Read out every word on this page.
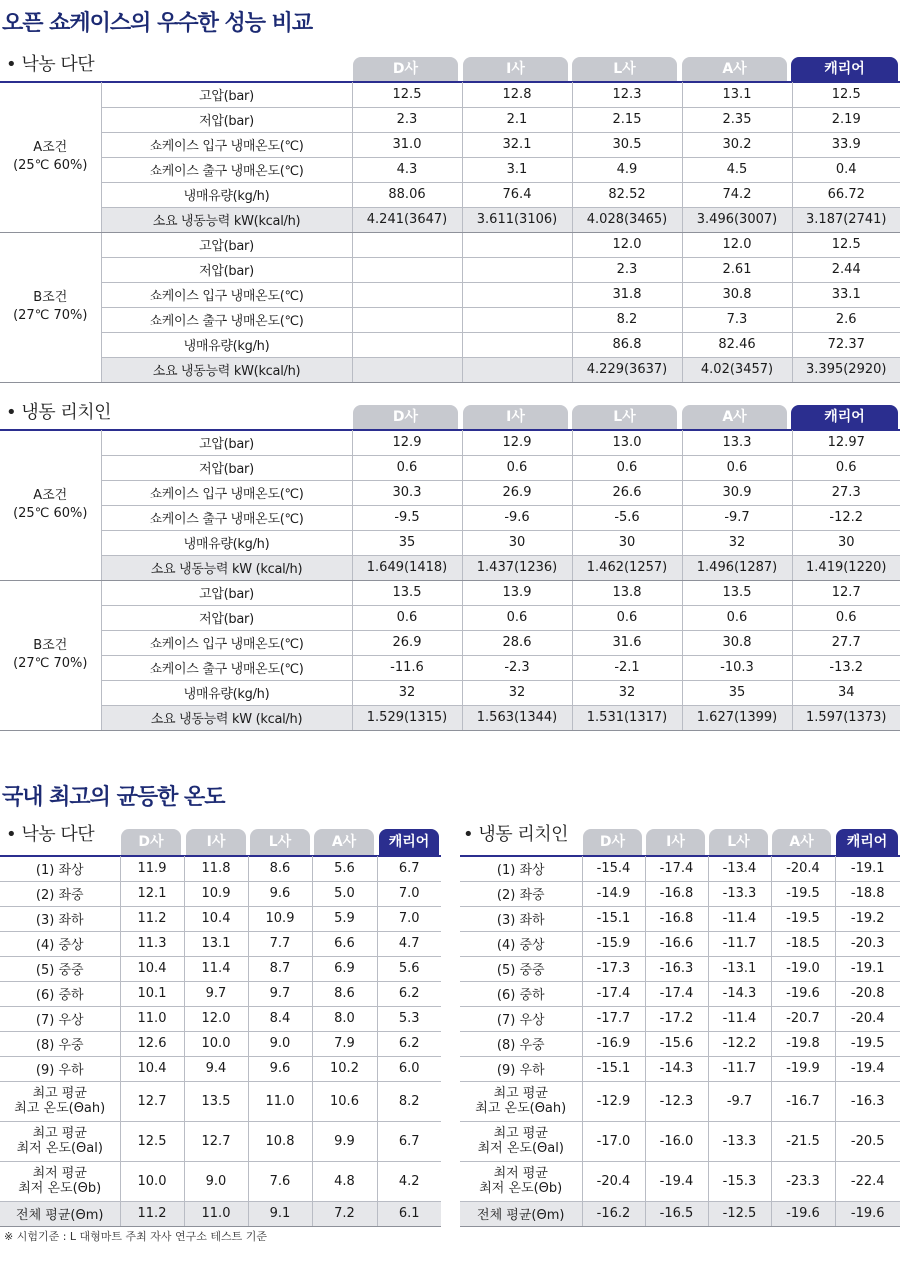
오픈 쇼케이스의 우수한 성능 비교
• 낙농 다단	D사	I사	L사	A사	캐리어
A조건
(25℃ 60%)	고압(bar)	12.5	12.8	12.3	13.1	12.5
	저압(bar)	2.3	2.1	2.15	2.35	2.19
	쇼케이스 입구 냉매온도(℃)	31.0	32.1	30.5	30.2	33.9
	쇼케이스 출구 냉매온도(℃)	4.3	3.1	4.9	4.5	0.4
	냉매유량(kg/h)	88.06	76.4	82.52	74.2	66.72
	소요 냉동능력 kW(kcal/h)	4.241(3647)	3.611(3106)	4.028(3465)	3.496(3007)	3.187(2741)

B조건
(27℃ 70%)	고압(bar)			12.0	12.0	12.5
	저압(bar)			2.3	2.61	2.44
	쇼케이스 입구 냉매온도(℃)			31.8	30.8	33.1
	쇼케이스 출구 냉매온도(℃)			8.2	7.3	2.6
	냉매유량(kg/h)			86.8	82.46	72.37
	소요 냉동능력 kW(kcal/h)			4.229(3637)	4.02(3457)	3.395(2920)
• 냉동 리치인	D사	I사	L사	A사	캐리어
A조건
(25℃ 60%)	고압(bar)	12.9	12.9	13.0	13.3	12.97
	저압(bar)	0.6	0.6	0.6	0.6	0.6
	쇼케이스 입구 냉매온도(℃)	30.3	26.9	26.6	30.9	27.3
	쇼케이스 출구 냉매온도(℃)	-9.5	-9.6	-5.6	-9.7	-12.2
	냉매유량(kg/h)	35	30	30	32	30
	소요 냉동능력 kW (kcal/h)	1.649(1418)	1.437(1236)	1.462(1257)	1.496(1287)	1.419(1220)

B조건
(27℃ 70%)	고압(bar)	13.5	13.9	13.8	13.5	12.7
	저압(bar)	0.6	0.6	0.6	0.6	0.6
	쇼케이스 입구 냉매온도(℃)	26.9	28.6	31.6	30.8	27.7
	쇼케이스 출구 냉매온도(℃)	-11.6	-2.3	-2.1	-10.3	-13.2
	냉매유량(kg/h)	32	32	32	35	34
	소요 냉동능력 kW (kcal/h)	1.529(1315)	1.563(1344)	1.531(1317)	1.627(1399)	1.597(1373)
국내 최고의 균등한 온도
• 낙농 다단	D사	I사	L사	A사	캐리어
(1) 좌상	11.9	11.8	8.6	5.6	6.7

(2) 좌중	12.1	10.9	9.6	5.0	7.0

(3) 좌하	11.2	10.4	10.9	5.9	7.0

(4) 중상	11.3	13.1	7.7	6.6	4.7

(5) 중중	10.4	11.4	8.7	6.9	5.6

(6) 중하	10.1	9.7	9.7	8.6	6.2

(7) 우상	11.0	12.0	8.4	8.0	5.3

(8) 우중	12.6	10.0	9.0	7.9	6.2

(9) 우하	10.4	9.4	9.6	10.2	6.0

최고 평균
최고 온도(Θah)	12.7	13.5	11.0	10.6	8.2

최고 평균
최저 온도(Θal)	12.5	12.7	10.8	9.9	6.7

최저 평균
최저 온도(Θb)	10.0	9.0	7.6	4.8	4.2

전체 평균(Θm)	11.2	11.0	9.1	7.2	6.1
• 냉동 리치인	D사	I사	L사	A사	캐리어
(1) 좌상	-15.4	-17.4	-13.4	-20.4	-19.1

(2) 좌중	-14.9	-16.8	-13.3	-19.5	-18.8

(3) 좌하	-15.1	-16.8	-11.4	-19.5	-19.2

(4) 중상	-15.9	-16.6	-11.7	-18.5	-20.3

(5) 중중	-17.3	-16.3	-13.1	-19.0	-19.1

(6) 중하	-17.4	-17.4	-14.3	-19.6	-20.8

(7) 우상	-17.7	-17.2	-11.4	-20.7	-20.4

(8) 우중	-16.9	-15.6	-12.2	-19.8	-19.5

(9) 우하	-15.1	-14.3	-11.7	-19.9	-19.4

최고 평균
최고 온도(Θah)	-12.9	-12.3	-9.7	-16.7	-16.3

최고 평균
최저 온도(Θal)	-17.0	-16.0	-13.3	-21.5	-20.5

최저 평균
최저 온도(Θb)	-20.4	-19.4	-15.3	-23.3	-22.4

전체 평균(Θm)	-16.2	-16.5	-12.5	-19.6	-19.6
※ 시험기준 : L 대형마트 주최 자사 연구소 테스트 기준
